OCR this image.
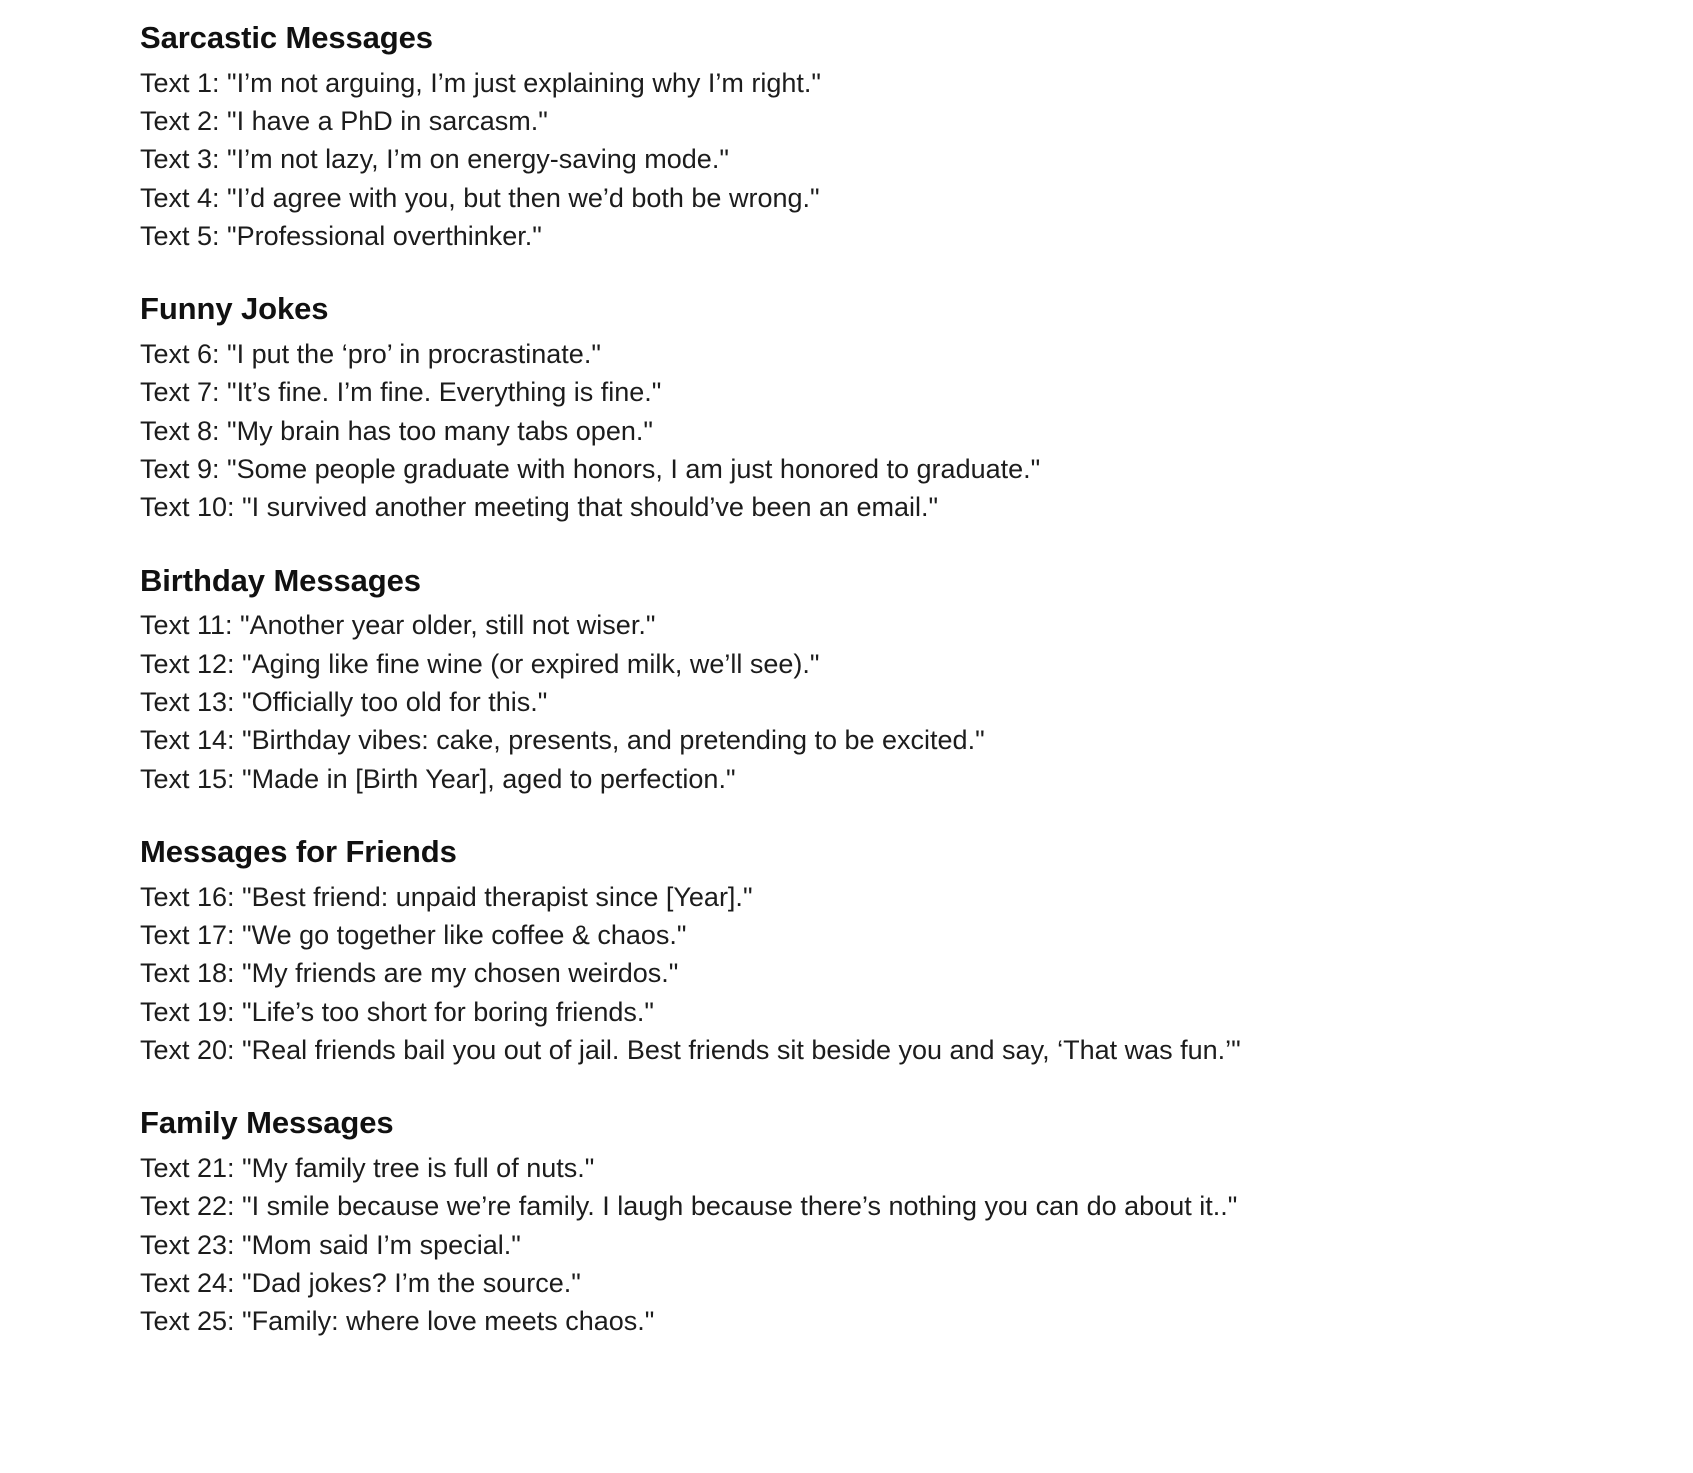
Sarcastic Messages

Text 1: "I’m not arguing, I’m just explaining why I’m right."

Text 2: "I have a PhD in sarcasm."

Text 3: "I’m not lazy, I’m on energy-saving mode."

Text 4: "I’d agree with you, but then we’d both be wrong."

Text 5: "Professional overthinker."

Funny Jokes

Text 6: "I put the ‘pro’ in procrastinate."

Text 7: "It’s fine. I’m fine. Everything is fine."

Text 8: "My brain has too many tabs open."

Text 9: "Some people graduate with honors, I am just honored to graduate."

Text 10: "I survived another meeting that should’ve been an email."

Birthday Messages

Text 11: "Another year older, still not wiser."

Text 12: "Aging like fine wine (or expired milk, we’ll see)."

Text 13: "Officially too old for this."

Text 14: "Birthday vibes: cake, presents, and pretending to be excited."

Text 15: "Made in [Birth Year], aged to perfection."

Messages for Friends

Text 16: "Best friend: unpaid therapist since [Year]."

Text 17: "We go together like coffee & chaos."

Text 18: "My friends are my chosen weirdos."

Text 19: "Life’s too short for boring friends."

Text 20: "Real friends bail you out of jail. Best friends sit beside you and say, ‘That was fun.’"

Family Messages

Text 21: "My family tree is full of nuts."

Text 22: "I smile because we’re family. I laugh because there’s nothing you can do about it.."

Text 23: "Mom said I’m special."

Text 24: "Dad jokes? I’m the source."

Text 25: "Family: where love meets chaos."
